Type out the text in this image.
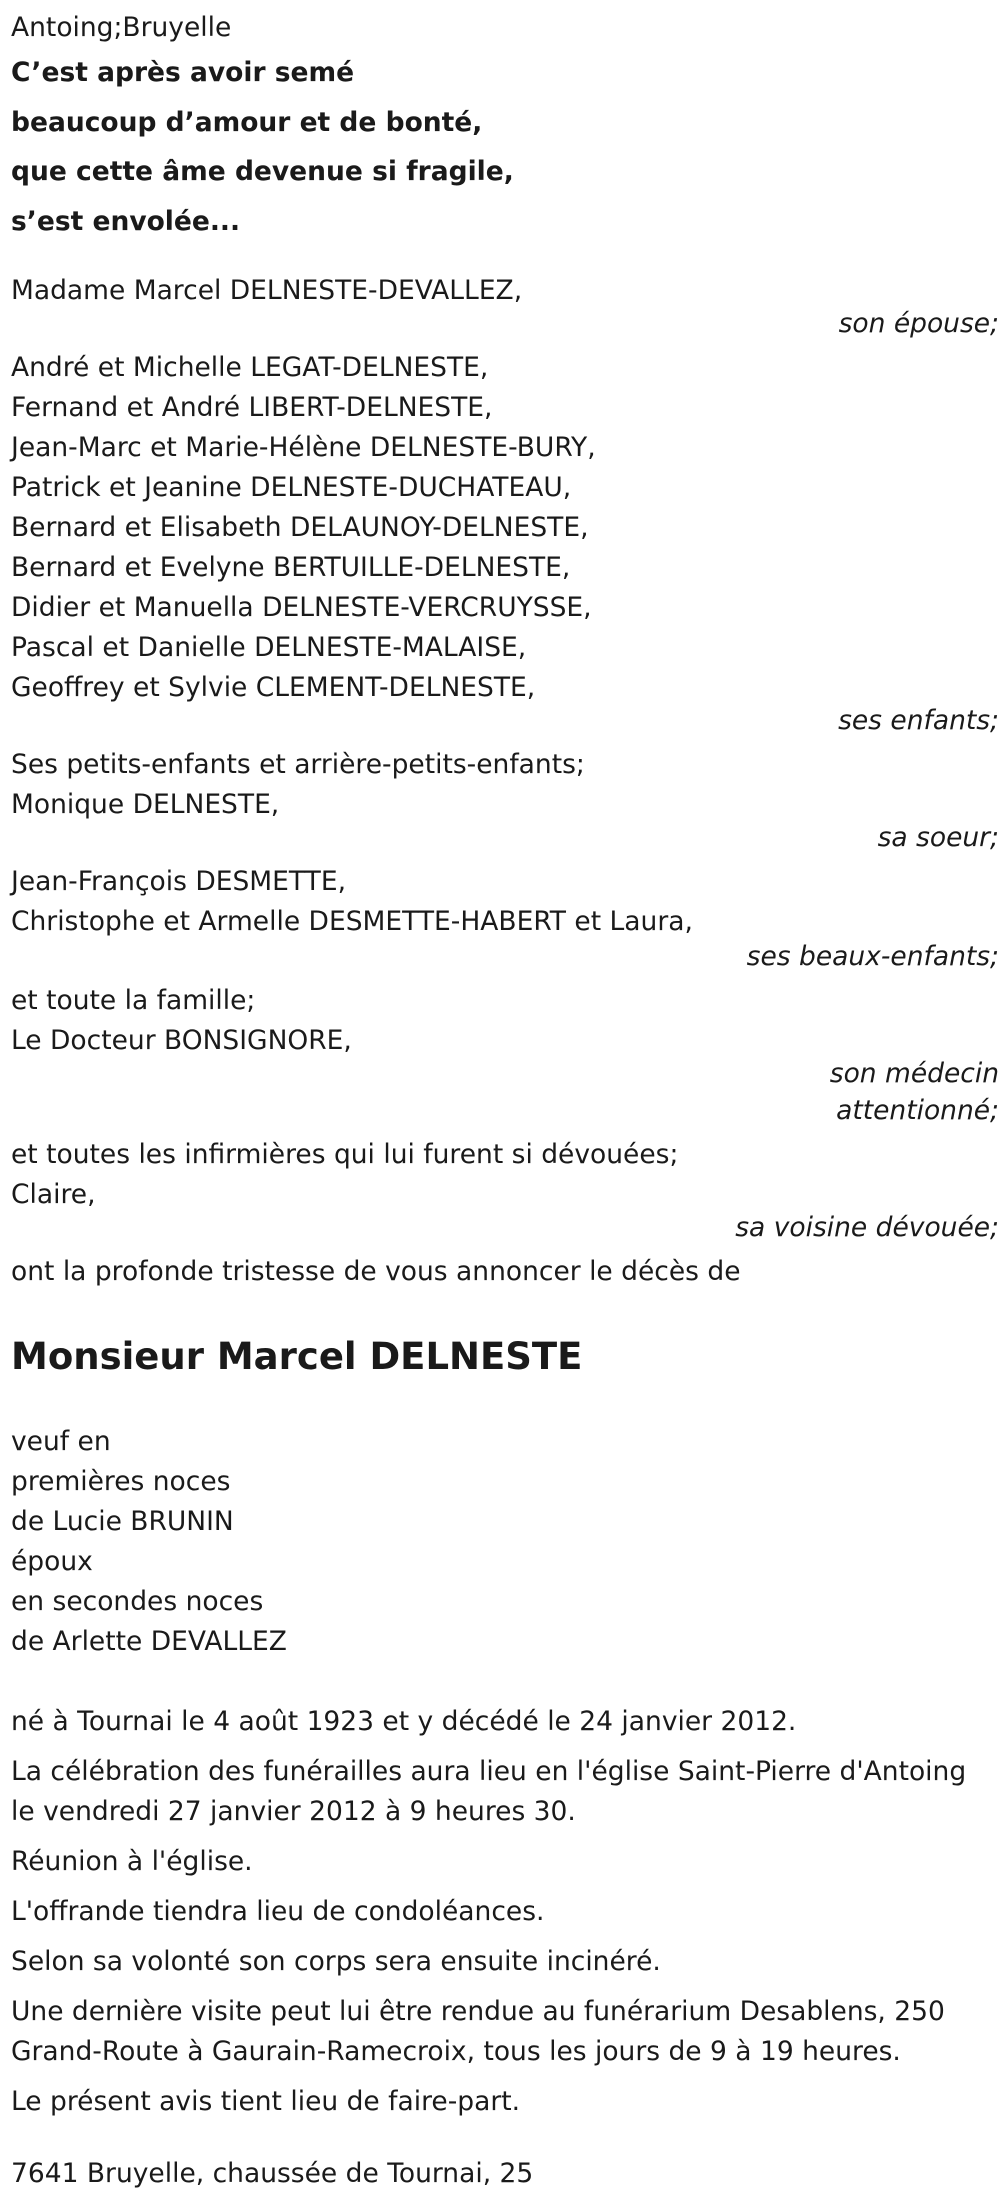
Antoing;Bruyelle
C’est après avoir semé
beaucoup d’amour et de bonté,
que cette âme devenue si fragile,
s’est envolée...
Madame Marcel DELNESTE-DEVALLEZ,
son épouse;
André et Michelle LEGAT-DELNESTE,
Fernand et André LIBERT-DELNESTE,
Jean-Marc et Marie-Hélène DELNESTE-BURY,
Patrick et Jeanine DELNESTE-DUCHATEAU,
Bernard et Elisabeth DELAUNOY-DELNESTE,
Bernard et Evelyne BERTUILLE-DELNESTE,
Didier et Manuella DELNESTE-VERCRUYSSE,
Pascal et Danielle DELNESTE-MALAISE,
Geoffrey et Sylvie CLEMENT-DELNESTE,
ses enfants;
Ses petits-enfants et arrière-petits-enfants;
Monique DELNESTE,
sa soeur;
Jean-François DESMETTE,
Christophe et Armelle DESMETTE-HABERT et Laura,
ses beaux-enfants;
et toute la famille;
Le Docteur BONSIGNORE,
son médecin
attentionné;
et toutes les infirmières qui lui furent si dévouées;
Claire,
sa voisine dévouée;
ont la profonde tristesse de vous annoncer le décès de
Monsieur Marcel DELNESTE
veuf en
premières noces
de Lucie BRUNIN
époux
en secondes noces
de Arlette DEVALLEZ
né à Tournai le 4 août 1923 et y décédé le 24 janvier 2012.
La célébration des funérailles aura lieu en l'église Saint-Pierre d'Antoing
le vendredi 27 janvier 2012 à 9 heures 30.
Réunion à l'église.
L'offrande tiendra lieu de condoléances.
Selon sa volonté son corps sera ensuite incinéré.
Une dernière visite peut lui être rendue au funérarium Desablens, 250
Grand-Route à Gaurain-Ramecroix, tous les jours de 9 à 19 heures.
Le présent avis tient lieu de faire-part.
7641 Bruyelle, chaussée de Tournai, 25
